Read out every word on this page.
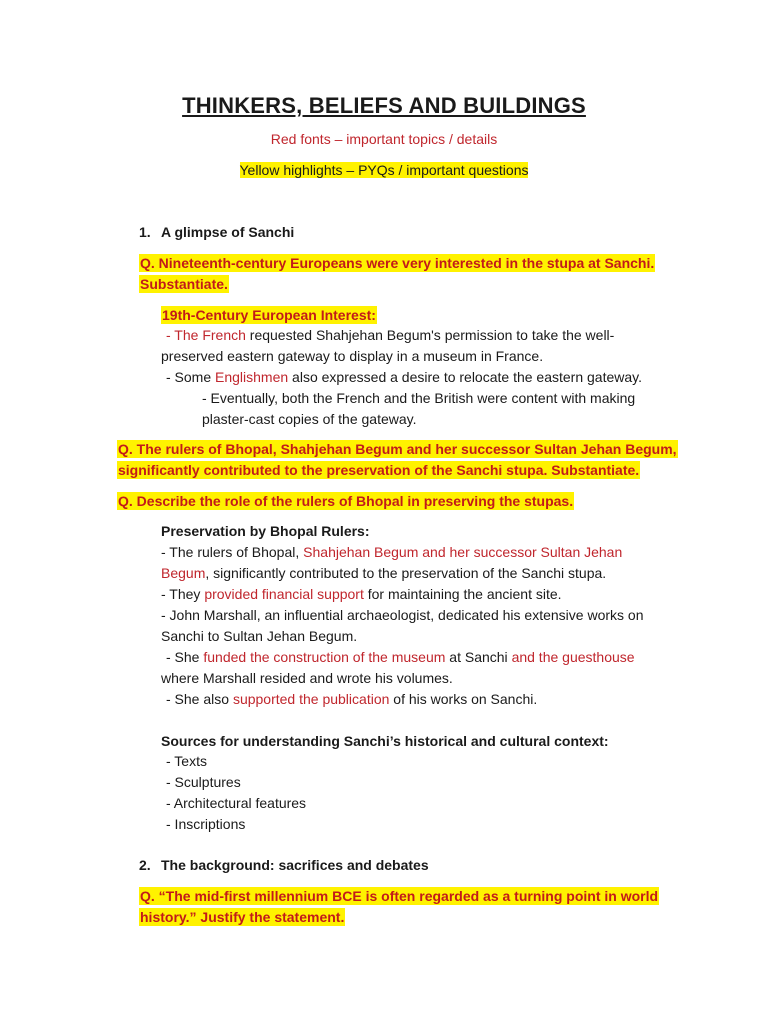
THINKERS, BELIEFS AND BUILDINGS
Red fonts – important topics / details
Yellow highlights – PYQs / important questions
1. A glimpse of Sanchi
Q. Nineteenth-century Europeans were very interested in the stupa at Sanchi.
Substantiate.
19th-Century European Interest:
- The French requested Shahjehan Begum's permission to take the well-
preserved eastern gateway to display in a museum in France.
- Some Englishmen also expressed a desire to relocate the eastern gateway.
- Eventually, both the French and the British were content with making
plaster-cast copies of the gateway.
Q. The rulers of Bhopal, Shahjehan Begum and her successor Sultan Jehan Begum,
significantly contributed to the preservation of the Sanchi stupa. Substantiate.
Q. Describe the role of the rulers of Bhopal in preserving the stupas.
Preservation by Bhopal Rulers:
- The rulers of Bhopal, Shahjehan Begum and her successor Sultan Jehan
Begum, significantly contributed to the preservation of the Sanchi stupa.
- They provided financial support for maintaining the ancient site.
- John Marshall, an influential archaeologist, dedicated his extensive works on
Sanchi to Sultan Jehan Begum.
- She funded the construction of the museum at Sanchi and the guesthouse
where Marshall resided and wrote his volumes.
- She also supported the publication of his works on Sanchi.
Sources for understanding Sanchi’s historical and cultural context:
- Texts
- Sculptures
- Architectural features
- Inscriptions
2. The background: sacrifices and debates
Q. “The mid-first millennium BCE is often regarded as a turning point in world
history.” Justify the statement.
